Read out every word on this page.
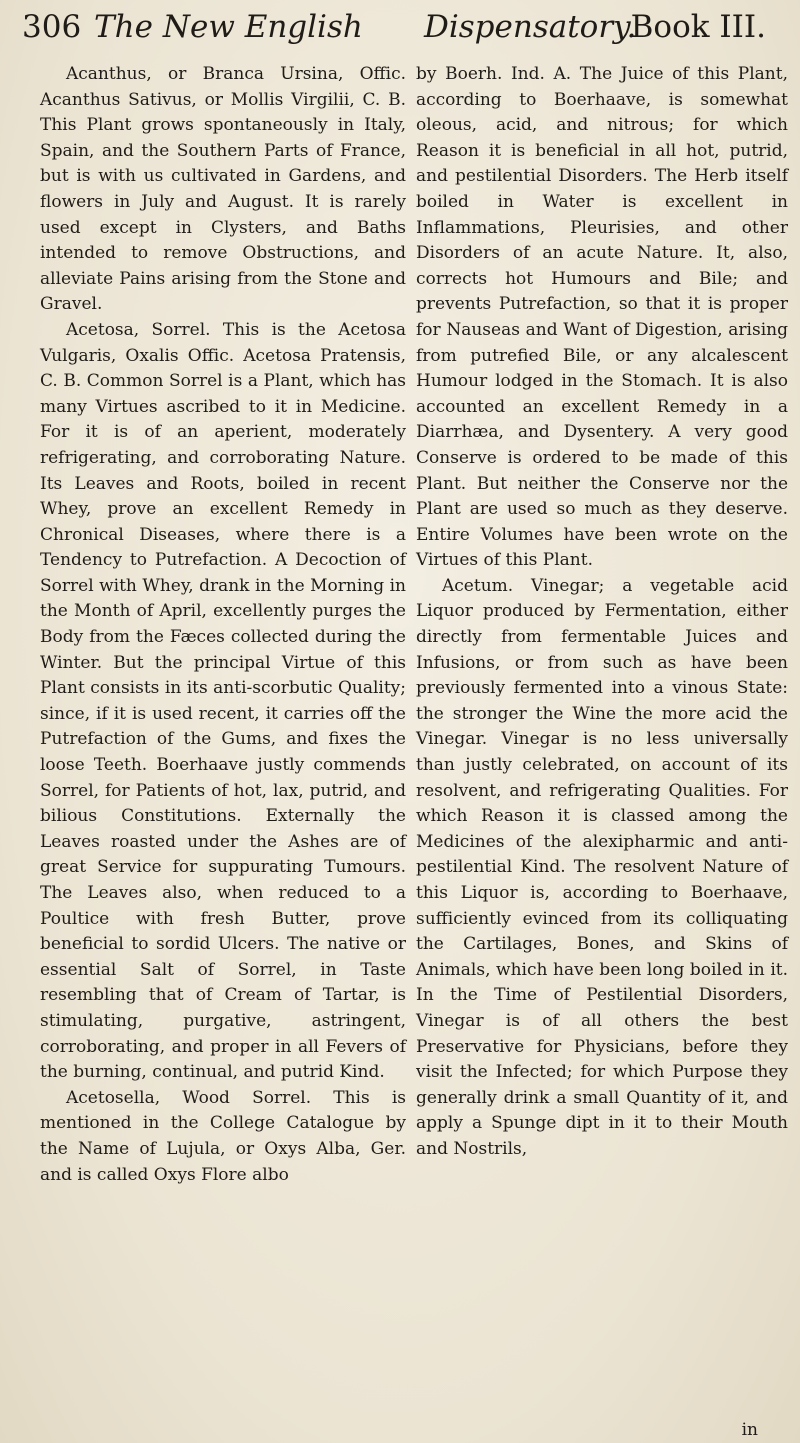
306 The New English Dispensatory.
Book III.

Acanthus, or Branca Ursina, Offic. Acanthus Sativus, or Mollis Virgilii, C. B. This Plant grows spontaneously in Italy, Spain, and the Southern Parts of France, but is with us cultivated in Gardens, and flowers in July and August. It is rarely used except in Clysters, and Baths intended to remove Obstructions, and alleviate Pains arising from the Stone and Gravel.

Acetosa, Sorrel. This is the Acetosa Vulgaris, Oxalis Offic. Acetosa Pratensis, C. B. Common Sorrel is a Plant, which has many Virtues ascribed to it in Medicine. For it is of an aperient, moderately refrigerating, and corroborating Nature. Its Leaves and Roots, boiled in recent Whey, prove an excellent Remedy in Chronical Diseases, where there is a Tendency to Putrefaction. A Decoction of Sorrel with Whey, drank in the Morning in the Month of April, excellently purges the Body from the Fæces collected during the Winter. But the principal Virtue of this Plant consists in its anti-scorbutic Quality; since, if it is used recent, it carries off the Putrefaction of the Gums, and fixes the loose Teeth. Boerhaave justly commends Sorrel, for Patients of hot, lax, putrid, and bilious Constitutions. Externally the Leaves roasted under the Ashes are of great Service for suppurating Tumours. The Leaves also, when reduced to a Poultice with fresh Butter, prove beneficial to sordid Ulcers. The native or essential Salt of Sorrel, in Taste resembling that of Cream of Tartar, is stimulating, purgative, astringent, corroborating, and proper in all Fevers of the burning, continual, and putrid Kind.

Acetosella, Wood Sorrel. This is mentioned in the College Catalogue by the Name of Lujula, or Oxys Alba, Ger. and is called Oxys Flore albo

by Boerh. Ind. A. The Juice of this Plant, according to Boerhaave, is somewhat oleous, acid, and nitrous; for which Reason it is beneficial in all hot, putrid, and pestilential Disorders. The Herb itself boiled in Water is excellent in Inflammations, Pleurisies, and other Disorders of an acute Nature. It, also, corrects hot Humours and Bile; and prevents Putrefaction, so that it is proper for Nauseas and Want of Digestion, arising from putrefied Bile, or any alcalescent Humour lodged in the Stomach. It is also accounted an excellent Remedy in a Diarrhæa, and Dysentery. A very good Conserve is ordered to be made of this Plant. But neither the Conserve nor the Plant are used so much as they deserve. Entire Volumes have been wrote on the Virtues of this Plant.

Acetum. Vinegar; a vegetable acid Liquor produced by Fermentation, either directly from fermentable Juices and Infusions, or from such as have been previously fermented into a vinous State: the stronger the Wine the more acid the Vinegar. Vinegar is no less universally than justly celebrated, on account of its resolvent, and refrigerating Qualities. For which Reason it is classed among the Medicines of the alexipharmic and anti-pestilential Kind. The resolvent Nature of this Liquor is, according to Boerhaave, sufficiently evinced from its colliquating the Cartilages, Bones, and Skins of Animals, which have been long boiled in it. In the Time of Pestilential Disorders, Vinegar is of all others the best Preservative for Physicians, before they visit the Infected; for which Purpose they generally drink a small Quantity of it, and apply a Spunge dipt in it to their Mouth and Nostrils,

in
